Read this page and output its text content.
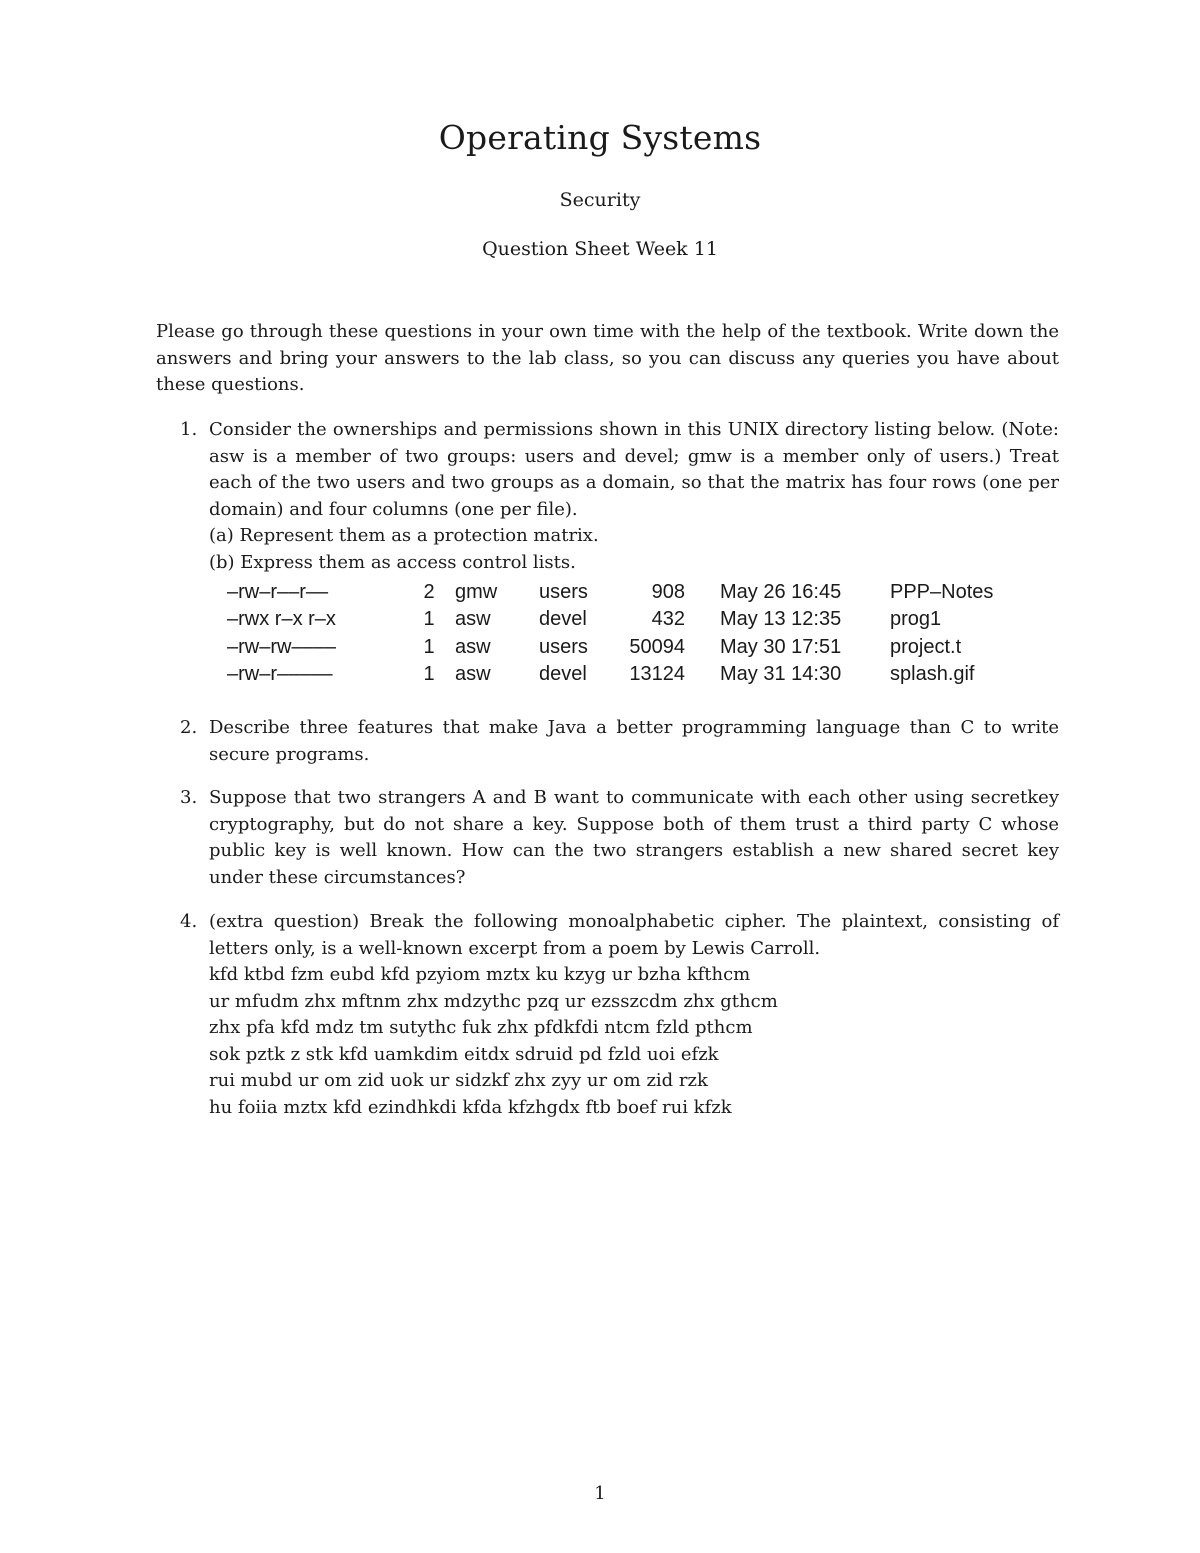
Operating Systems
Security
Question Sheet Week 11
Please go through these questions in your own time with the help of the textbook. Write down the answers and bring your answers to the lab class, so you can discuss any queries you have about these questions.
1. Consider the ownerships and permissions shown in this UNIX directory listing below. (Note: asw is a member of two groups: users and devel; gmw is a member only of users.) Treat each of the two users and two groups as a domain, so that the matrix has four rows (one per domain) and four columns (one per file).
(a) Represent them as a protection matrix.
(b) Express them as access control lists.
–rw–r––r––	2	gmw	users	908	May 26 16:45	PPP–Notes
–rwx r–x r–x	1	asw	devel	432	May 13 12:35	prog1
–rw–rw––––	1	asw	users	50094	May 30 17:51	project.t
–rw–r–––––	1	asw	devel	13124	May 31 14:30	splash.gif
2. Describe three features that make Java a better programming language than C to write secure programs.
3. Suppose that two strangers A and B want to communicate with each other using secretkey cryptography, but do not share a key. Suppose both of them trust a third party C whose public key is well known. How can the two strangers establish a new shared secret key under these circumstances?
4. (extra question) Break the following monoalphabetic cipher. The plaintext, consisting of letters only, is a well-known excerpt from a poem by Lewis Carroll.
kfd ktbd fzm eubd kfd pzyiom mztx ku kzyg ur bzha kfthcm
ur mfudm zhx mftnm zhx mdzythc pzq ur ezsszcdm zhx gthcm
zhx pfa kfd mdz tm sutythc fuk zhx pfdkfdi ntcm fzld pthcm
sok pztk z stk kfd uamkdim eitdx sdruid pd fzld uoi efzk
rui mubd ur om zid uok ur sidzkf zhx zyy ur om zid rzk
hu foiia mztx kfd ezindhkdi kfda kfzhgdx ftb boef rui kfzk
1
